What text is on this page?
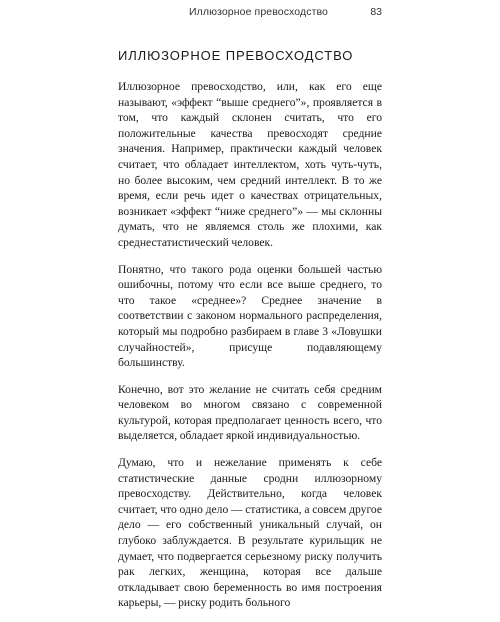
Иллюзорное превосходство	83
ИЛЛЮЗОРНОЕ ПРЕВОСХОДСТВО

Иллюзорное превосходство, или, как его еще называют, «эффект “выше среднего”», проявляется в том, что каждый склонен считать, что его положительные качества превосходят средние значения. Например, практически каждый человек считает, что обладает интеллектом, хоть чуть-чуть, но более высоким, чем средний интеллект. В то же время, если речь идет о качествах отрицательных, возникает «эффект “ниже среднего”» — мы склонны думать, что не являемся столь же плохими, как среднестатистический человек.

Понятно, что такого рода оценки большей частью ошибочны, потому что если все выше среднего, то что такое «среднее»? Среднее значение в соответствии с законом нормального распределения, который мы подробно разбираем в главе 3 «Ловушки случайностей», присуще подавляющему большинству.

Конечно, вот это желание не считать себя средним человеком во многом связано с современной культурой, которая предполагает ценность всего, что выделяется, обладает яркой индивидуальностью.

Думаю, что и нежелание применять к себе статистические данные сродни иллюзорному превосходству. Действительно, когда человек считает, что одно дело — статистика, а совсем другое дело — его собственный уникальный случай, он глубоко заблуждается. В результате курильщик не думает, что подвергается серьезному риску получить рак легких, женщина, которая все дальше откладывает свою беременность во имя построения карьеры, — риску родить больного
